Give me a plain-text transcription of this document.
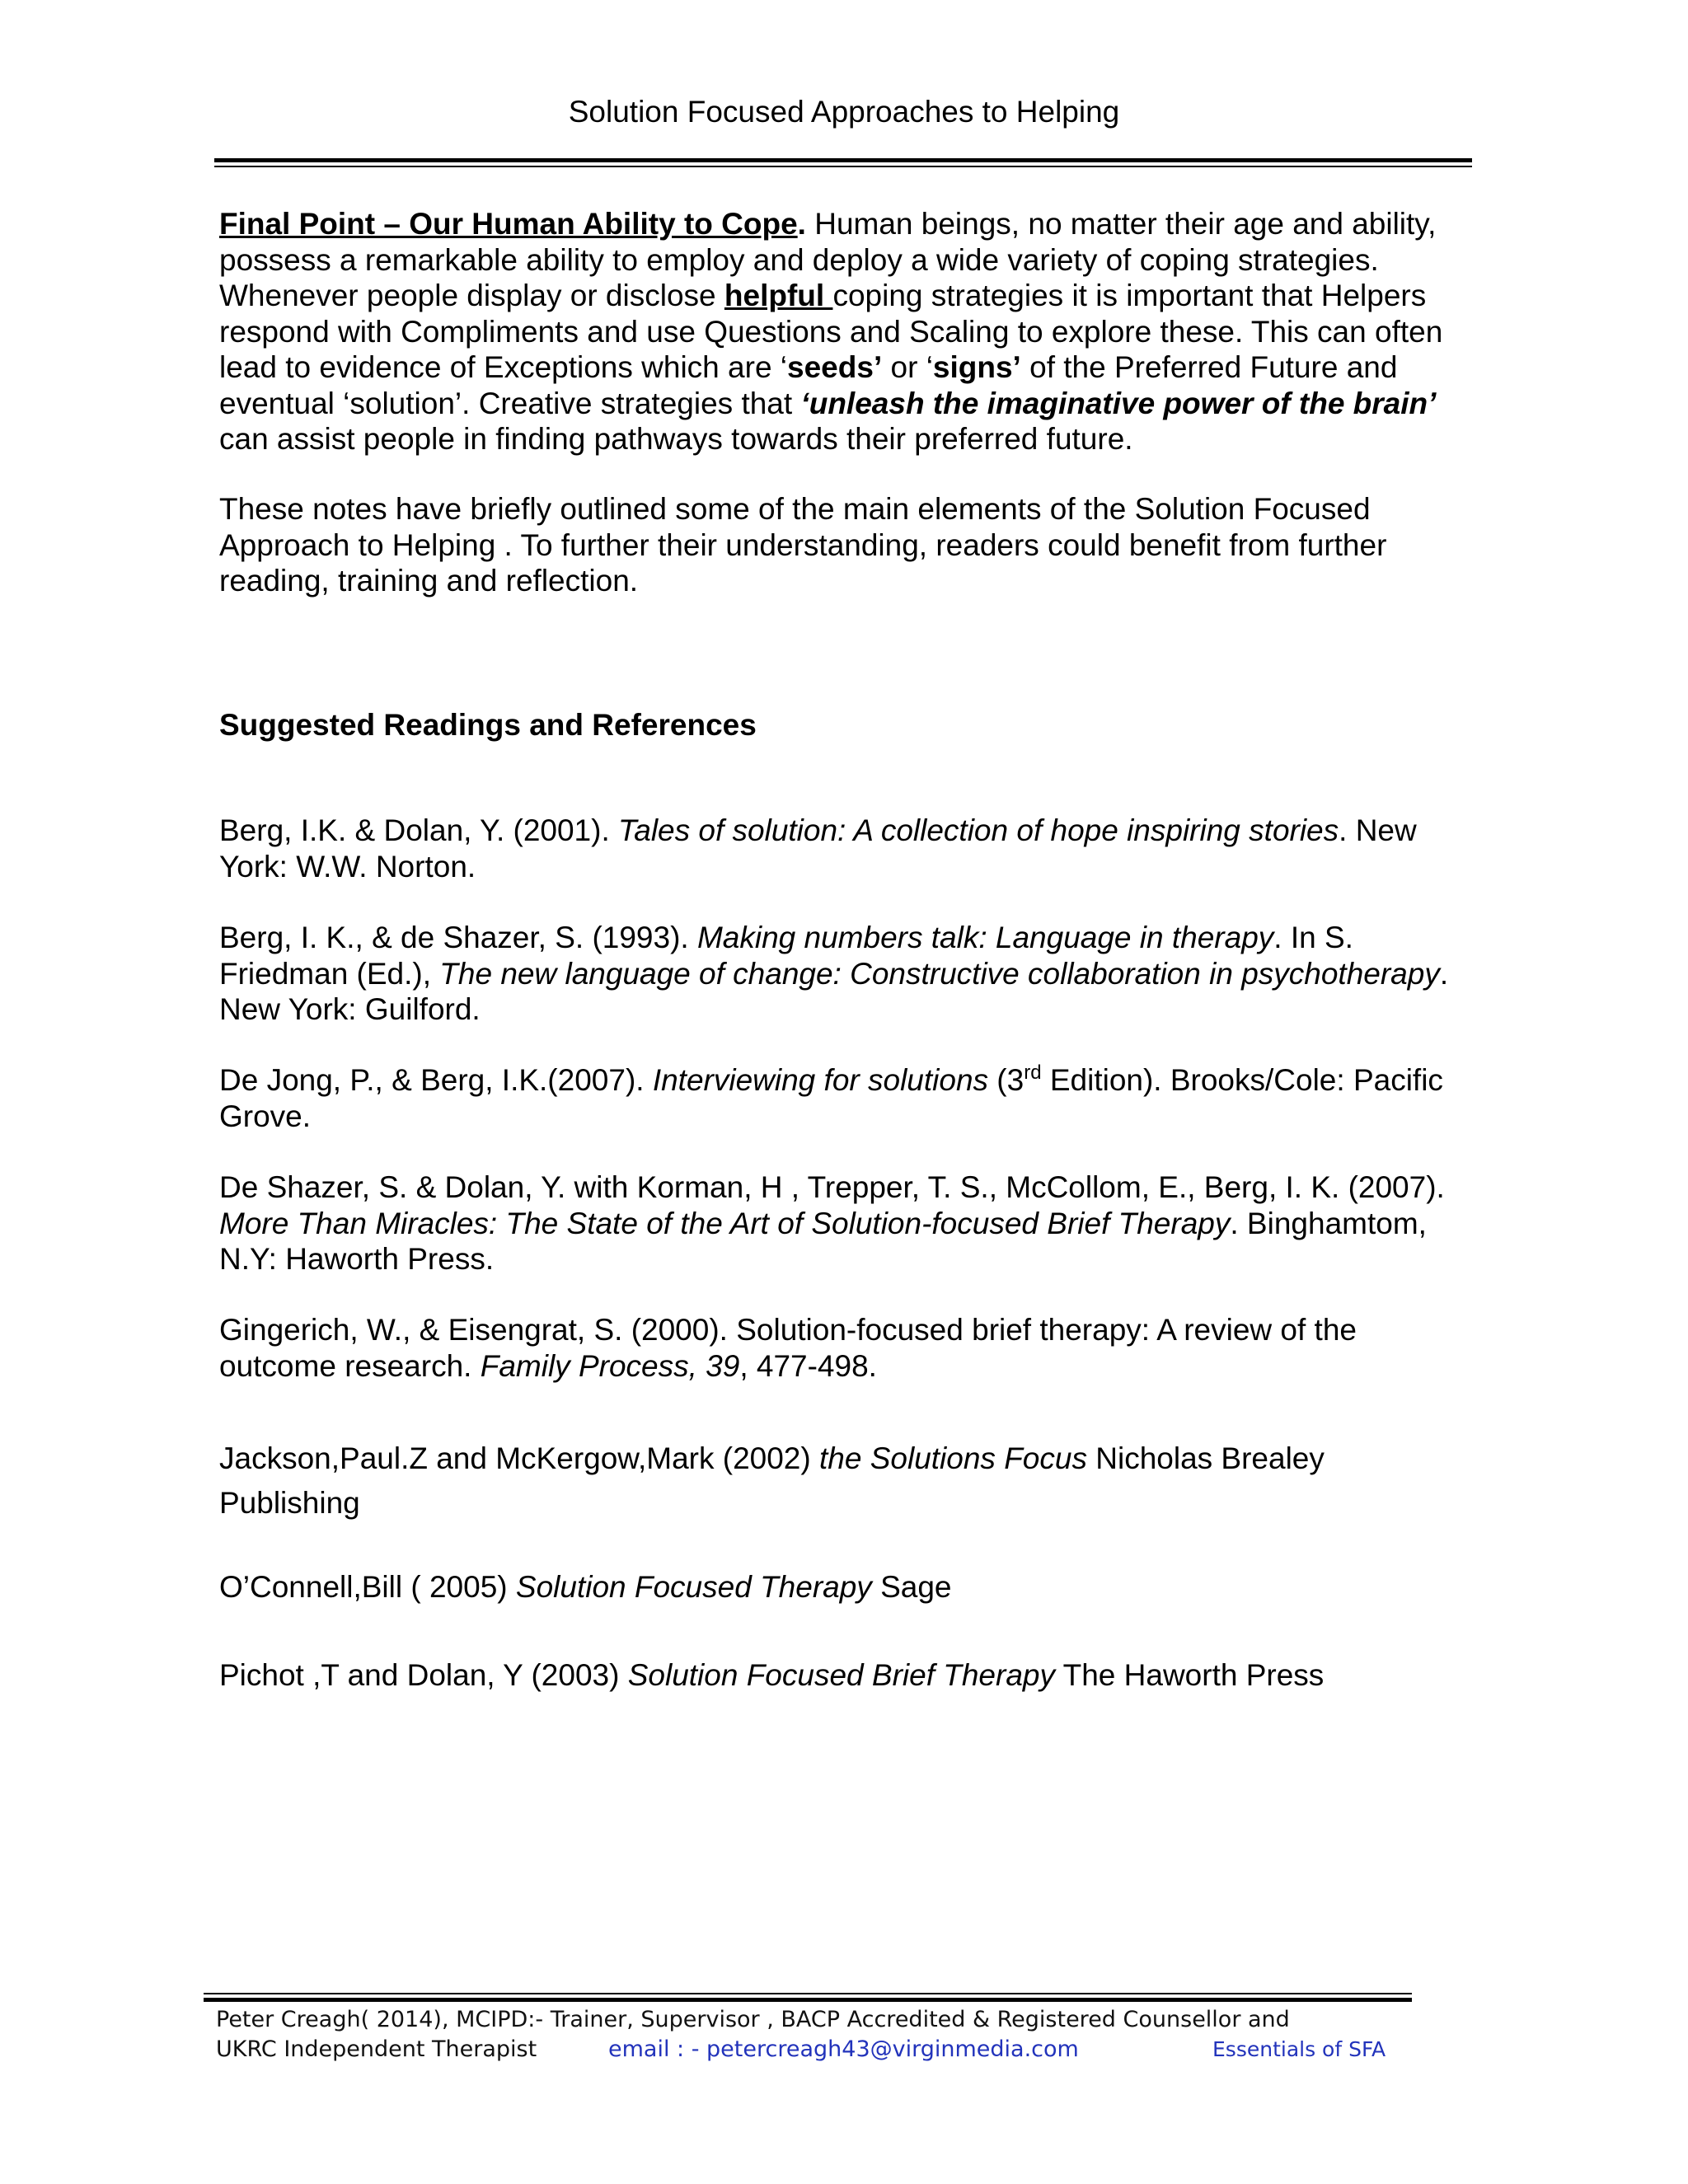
Solution Focused Approaches to Helping
Final Point – Our Human Ability to Cope. Human beings, no matter their age and ability, possess a remarkable ability to employ and deploy a wide variety of coping strategies. Whenever people display or disclose helpful coping strategies it is important that Helpers respond with Compliments and use Questions and Scaling to explore these. This can often lead to evidence of Exceptions which are ‘seeds’ or ‘signs’ of the Preferred Future and eventual ‘solution’. Creative strategies that ‘unleash the imaginative power of the brain’ can assist people in finding pathways towards their preferred future.
These notes have briefly outlined some of the main elements of the Solution Focused Approach to Helping . To further their understanding, readers could benefit from further reading, training and reflection.
Suggested Readings and References
Berg, I.K. & Dolan, Y. (2001). Tales of solution: A collection of hope inspiring stories. New York: W.W. Norton.
Berg, I. K., & de Shazer, S. (1993). Making numbers talk: Language in therapy. In S. Friedman (Ed.), The new language of change: Constructive collaboration in psychotherapy. New York: Guilford.
De Jong, P., & Berg, I.K.(2007). Interviewing for solutions (3rd Edition). Brooks/Cole: Pacific Grove.
De Shazer, S. & Dolan, Y. with Korman, H , Trepper, T. S., McCollom, E., Berg, I. K. (2007). More Than Miracles: The State of the Art of Solution-focused Brief Therapy. Binghamtom, N.Y: Haworth Press.
Gingerich, W., & Eisengrat, S. (2000). Solution-focused brief therapy: A review of the outcome research. Family Process, 39, 477-498.
Jackson,Paul.Z and McKergow,Mark (2002) the Solutions Focus Nicholas Brealey Publishing
O’Connell,Bill ( 2005) Solution Focused Therapy Sage
Pichot ,T and Dolan, Y (2003) Solution Focused Brief Therapy The Haworth Press
Peter Creagh( 2014), MCIPD:- Trainer, Supervisor , BACP Accredited & Registered Counsellor and
UKRC Independent Therapist	email : - petercreagh43@virginmedia.com	Essentials of SFA
